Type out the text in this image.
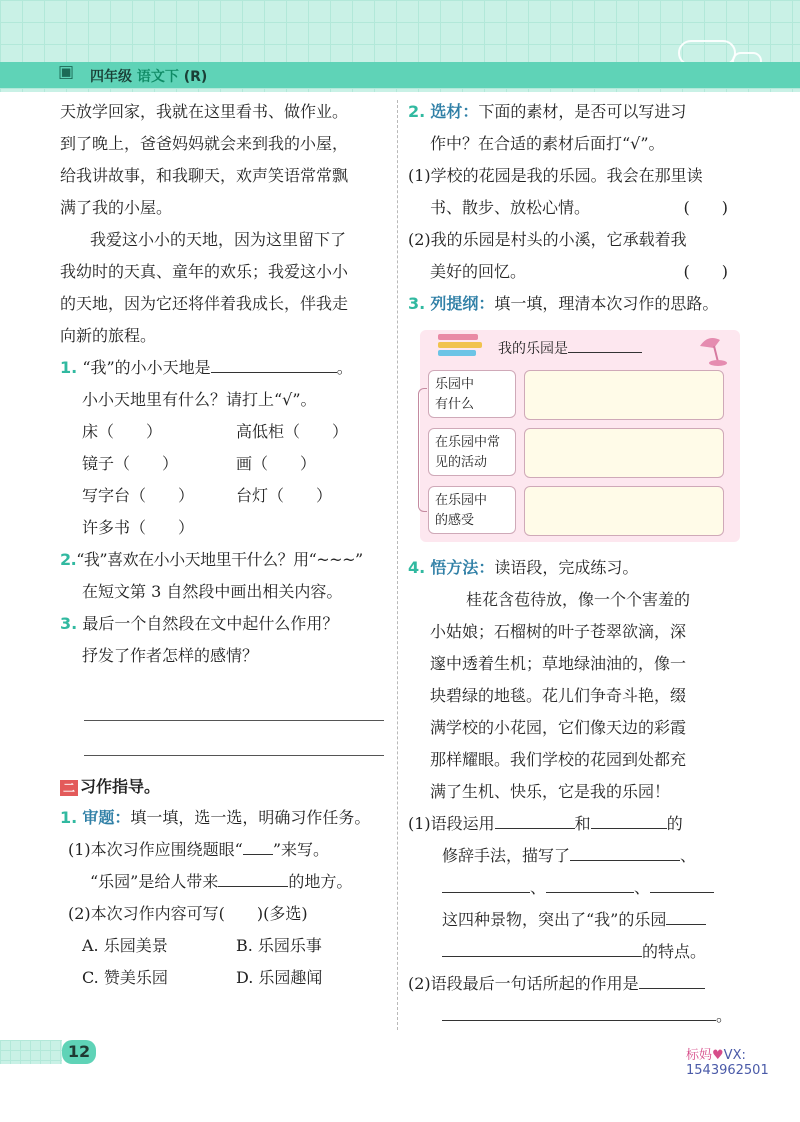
▣ 四年级 语文下 (R)
天放学回家，我就在这里看书、做作业。
到了晚上，爸爸妈妈就会来到我的小屋，
给我讲故事，和我聊天，欢声笑语常常飘
满了我的小屋。
我爱这小小的天地，因为这里留下了
我幼时的天真、童年的欢乐；我爱这小小
的天地，因为它还将伴着我成长，伴我走
向新的旅程。
1. “我”的小小天地是	。
小小天地里有什么？请打上“√”。
床（　　）	高低柜（　　）
镜子（　　）	画（　　）
写字台（　　）	台灯（　　）
许多书（　　）
2.“我”喜欢在小小天地里干什么？用“~~~”
在短文第 3 自然段中画出相关内容。
3. 最后一个自然段在文中起什么作用？
抒发了作者怎样的感情？
二 习作指导。
1. 审题：填一填，选一选，明确习作任务。
(1)本次习作应围绕题眼“ ”来写。
“乐园”是给人带来	的地方。
(2)本次习作内容可写(　　)(多选)
A. 乐园美景	B. 乐园乐事
C. 赞美乐园	D. 乐园趣闻
2. 选材：下面的素材，是否可以写进习
作中？在合适的素材后面打“√”。
(1)学校的花园是我的乐园。我会在那里读
书、散步、放松心情。	(　　)
(2)我的乐园是村头的小溪，它承载着我
美好的回忆。	(　　)
3. 列提纲：填一填，理清本次习作的思路。
我的乐园是
乐园中
有什么
在乐园中常
见的活动
在乐园中
的感受
4. 悟方法：读语段，完成练习。
桂花含苞待放，像一个个害羞的
小姑娘；石榴树的叶子苍翠欲滴，深
邃中透着生机；草地绿油油的，像一
块碧绿的地毯。花儿们争奇斗艳，缀
满学校的小花园，它们像天边的彩霞
那样耀眼。我们学校的花园到处都充
满了生机、快乐，它是我的乐园！
(1)语段运用	和	的
修辞手法，描写了	、
、	、
这四种景物，突出了“我”的乐园
的特点。
(2)语段最后一句话所起的作用是
。
12	标妈♥VX:
1543962501
